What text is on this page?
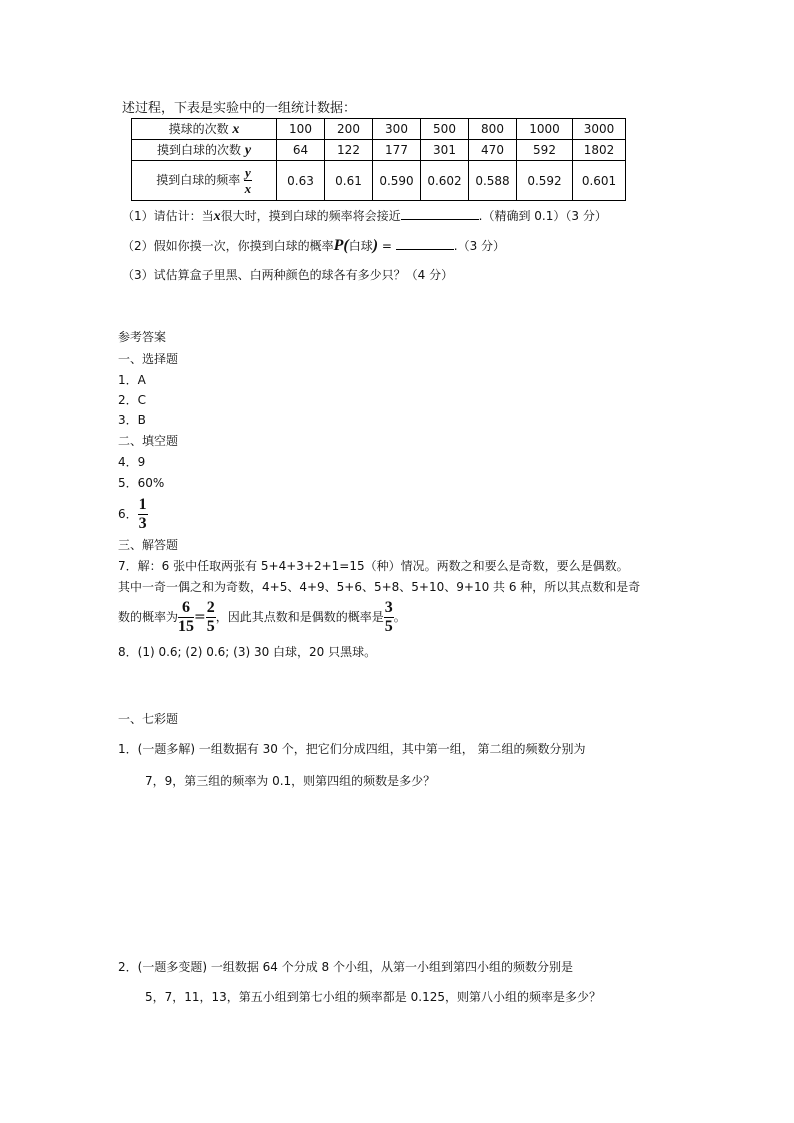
述过程，下表是实验中的一组统计数据：
摸球的次数 x	100	200	300	500	800	1000	3000
摸到白球的次数 y	64	122	177	301	470	592	1802
摸到白球的频率 $\frac{y}{x}$	0.63	0.61	0.590	0.602	0.588	0.592	0.601
（1）请估计：当x很大时，摸到白球的频率将会接近	.（精确到 0.1）（3 分）
（2）假如你摸一次，你摸到白球的概率P(白球) =	.（3 分）
（3）试估算盒子里黑、白两种颜色的球各有多少只？（4 分）
参考答案
一、选择题
1．A
2．C
3．B
二、填空题
4．9
5．60%
6． $\frac{1}{3}$
三、解答题
7．解：6 张中任取两张有 5+4+3+2+1=15（种）情况。两数之和要么是奇数，要么是偶数。
其中一奇一偶之和为奇数，4+5、4+9、5+6、5+8、5+10、9+10 共 6 种，所以其点数和是奇
数的概率为 $\frac{6}{15} = \frac{2}{5}$ ，因此其点数和是偶数的概率是 $\frac{3}{5}$ 。
8．(1) 0.6; (2) 0.6; (3) 30 白球，20 只黑球。
一、七彩题
1．(一题多解) 一组数据有 30 个，把它们分成四组，其中第一组， 第二组的频数分别为
7，9，第三组的频率为 0.1，则第四组的频数是多少？
2．(一题多变题) 一组数据 64 个分成 8 个小组，从第一小组到第四小组的频数分别是
5，7，11，13，第五小组到第七小组的频率都是 0.125，则第八小组的频率是多少？
